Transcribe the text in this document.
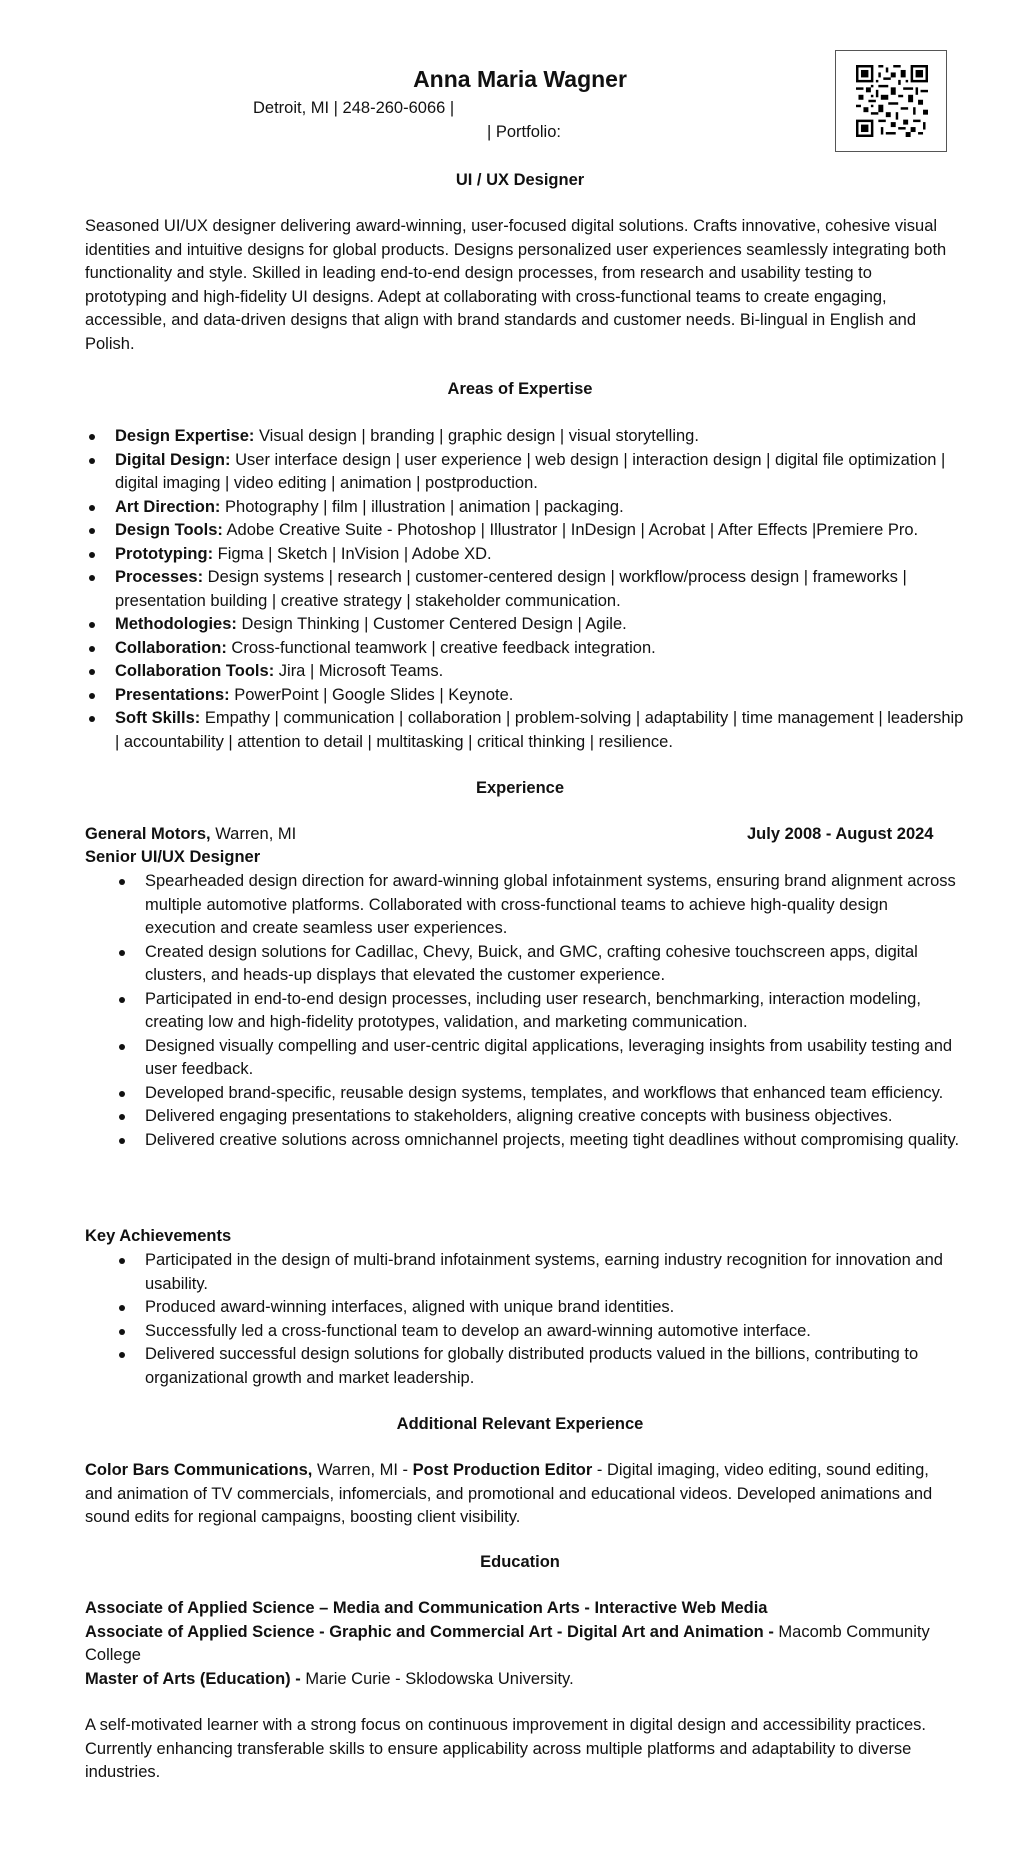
Anna Maria Wagner
Detroit, MI | 248-260-6066 |
| Portfolio:
UI / UX Designer

Seasoned UI/UX designer delivering award-winning, user-focused digital solutions. Crafts innovative, cohesive visual identities and intuitive designs for global products. Designs personalized user experiences seamlessly integrating both functionality and style. Skilled in leading end-to-end design processes, from research and usability testing to prototyping and high-fidelity UI designs. Adept at collaborating with cross-functional teams to create engaging, accessible, and data-driven designs that align with brand standards and customer needs. Bi-lingual in English and Polish.

Areas of Expertise
Design Expertise: Visual design | branding | graphic design | visual storytelling.
Digital Design: User interface design | user experience | web design | interaction design | digital file optimization | digital imaging | video editing | animation | postproduction.
Art Direction: Photography | film | illustration | animation | packaging.
Design Tools: Adobe Creative Suite - Photoshop | Illustrator | InDesign | Acrobat | After Effects |Premiere Pro.
Prototyping: Figma | Sketch | InVision | Adobe XD.
Processes: Design systems | research | customer-centered design | workflow/process design | frameworks | presentation building | creative strategy | stakeholder communication.
Methodologies: Design Thinking | Customer Centered Design | Agile.
Collaboration: Cross-functional teamwork | creative feedback integration.
Collaboration Tools: Jira | Microsoft Teams.
Presentations: PowerPoint | Google Slides | Keynote.
Soft Skills: Empathy | communication | collaboration | problem-solving | adaptability | time management | leadership | accountability | attention to detail | multitasking | critical thinking | resilience.
Experience
General Motors, Warren, MI	July 2008 - August 2024
Senior UI/UX Designer
Spearheaded design direction for award-winning global infotainment systems, ensuring brand alignment across multiple automotive platforms. Collaborated with cross-functional teams to achieve high-quality design execution and create seamless user experiences.
Created design solutions for Cadillac, Chevy, Buick, and GMC, crafting cohesive touchscreen apps, digital clusters, and heads-up displays that elevated the customer experience.
Participated in end-to-end design processes, including user research, benchmarking, interaction modeling, creating low and high-fidelity prototypes, validation, and marketing communication.
Designed visually compelling and user-centric digital applications, leveraging insights from usability testing and user feedback.
Developed brand-specific, reusable design systems, templates, and workflows that enhanced team efficiency.
Delivered engaging presentations to stakeholders, aligning creative concepts with business objectives.
Delivered creative solutions across omnichannel projects, meeting tight deadlines without compromising quality.
Key Achievements
Participated in the design of multi-brand infotainment systems, earning industry recognition for innovation and usability.
Produced award-winning interfaces, aligned with unique brand identities.
Successfully led a cross-functional team to develop an award-winning automotive interface.
Delivered successful design solutions for globally distributed products valued in the billions, contributing to organizational growth and market leadership.
Additional Relevant Experience

Color Bars Communications, Warren, MI - Post Production Editor - Digital imaging, video editing, sound editing, and animation of TV commercials, infomercials, and promotional and educational videos. Developed animations and sound edits for regional campaigns, boosting client visibility.

Education

Associate of Applied Science – Media and Communication Arts - Interactive Web Media

Associate of Applied Science - Graphic and Commercial Art - Digital Art and Animation - Macomb Community College

Master of Arts (Education) - Marie Curie - Sklodowska University.

A self-motivated learner with a strong focus on continuous improvement in digital design and accessibility practices. Currently enhancing transferable skills to ensure applicability across multiple platforms and adaptability to diverse industries.
